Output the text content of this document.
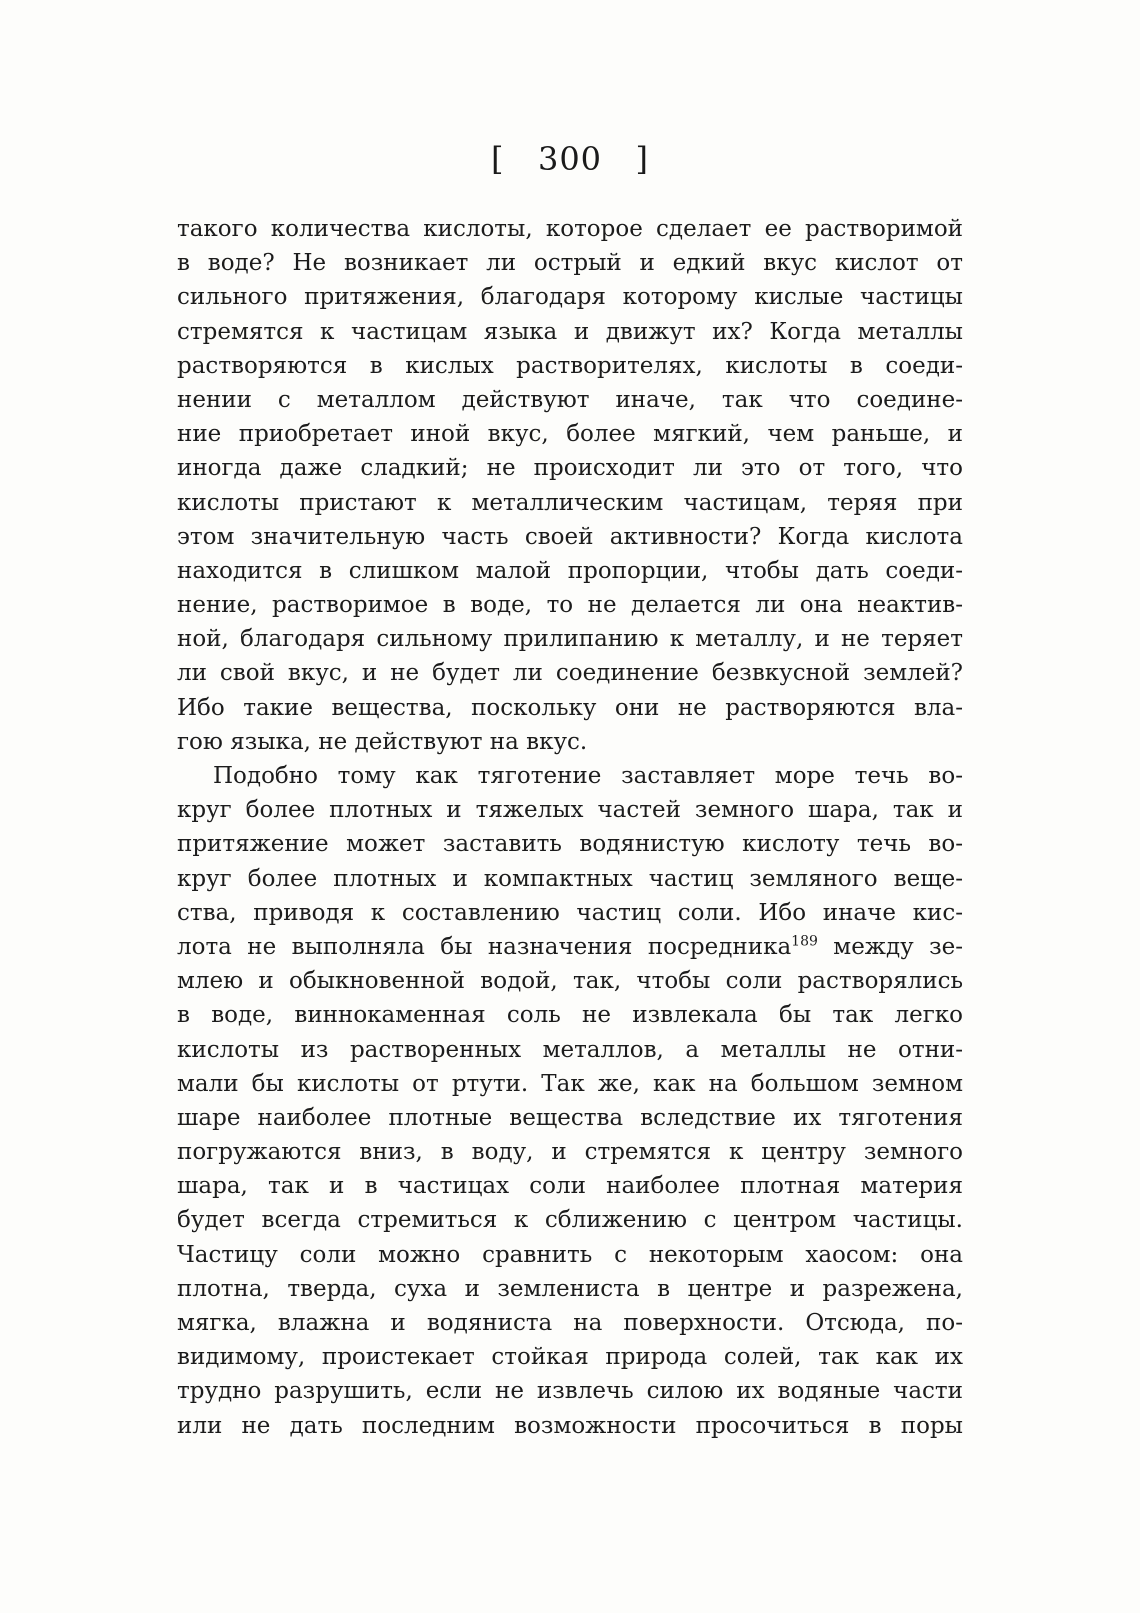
[   300   ]
такого количества кислоты, которое сделает ее растворимой
в воде? Не возникает ли острый и едкий вкус кислот от
сильного притяжения, благодаря которому кислые частицы
стремятся к частицам языка и движут их? Когда металлы
растворяются в кислых растворителях, кислоты в соеди-
нении с металлом действуют иначе, так что соедине-
ние приобретает иной вкус, более мягкий, чем раньше, и
иногда даже сладкий; не происходит ли это от того, что
кислоты пристают к металлическим частицам, теряя при
этом значительную часть своей активности? Когда кислота
находится в слишком малой пропорции, чтобы дать соеди-
нение, растворимое в воде, то не делается ли она неактив-
ной, благодаря сильному прилипанию к металлу, и не теряет
ли свой вкус, и не будет ли соединение безвкусной землей?
Ибо такие вещества, поскольку они не растворяются вла-
гою языка, не действуют на вкус.
Подобно тому как тяготение заставляет море течь во-
круг более плотных и тяжелых частей земного шара, так и
притяжение может заставить водянистую кислоту течь во-
круг более плотных и компактных частиц земляного веще-
ства, приводя к составлению частиц соли. Ибо иначе кис-
лота не выполняла бы назначения посредника$^{189}$ между зе-
млею и обыкновенной водой, так, чтобы соли растворялись
в воде, виннокаменная соль не извлекала бы так легко
кислоты из растворенных металлов, а металлы не отни-
мали бы кислоты от ртути. Так же, как на большом земном
шаре наиболее плотные вещества вследствие их тяготения
погружаются вниз, в воду, и стремятся к центру земного
шара, так и в частицах соли наиболее плотная материя
будет всегда стремиться к сближению с центром частицы.
Частицу соли можно сравнить с некоторым хаосом: она
плотна, тверда, суха и землениста в центре и разрежена,
мягка, влажна и водяниста на поверхности. Отсюда, по-
видимому, проистекает стойкая природа солей, так как их
трудно разрушить, если не извлечь силою их водяные части
или не дать последним возможности просочиться в поры
